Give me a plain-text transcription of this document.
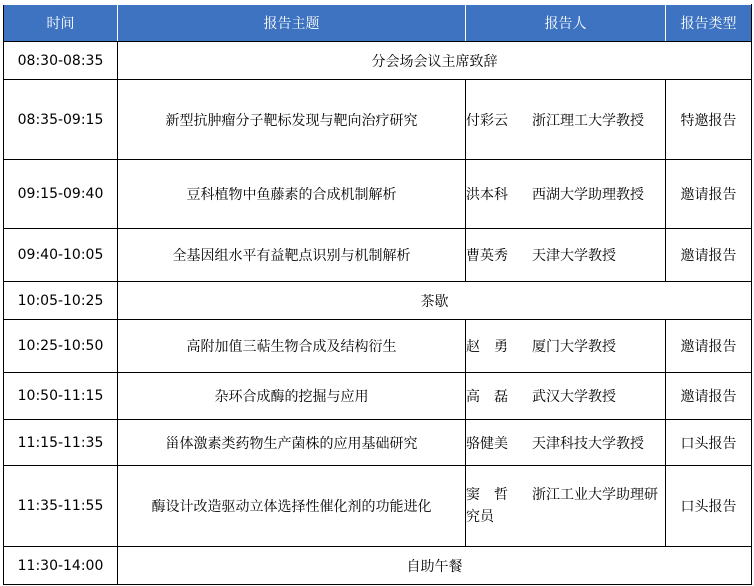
时间	报告主题	报告人	报告类型
08:30-08:35	分会场会议主席致辞		
08:35-09:15	新型抗肿瘤分子靶标发现与靶向治疗研究	付彩云　 浙江理工大学教授	特邀报告
09:15-09:40	豆科植物中鱼藤素的合成机制解析	洪本科　 西湖大学助理教授	邀请报告
09:40-10:05	全基因组水平有益靶点识别与机制解析	曹英秀　 天津大学教授	邀请报告
10:05-10:25	茶歇		
10:25-10:50	高附加值三萜生物合成及结构衍生	赵　勇　 厦门大学教授	邀请报告
10:50-11:15	杂环合成酶的挖掘与应用	高　磊　 武汉大学教授	邀请报告
11:15-11:35	甾体激素类药物生产菌株的应用基础研究	骆健美　 天津科技大学教授	口头报告
11:35-11:55	酶设计改造驱动立体选择性催化剂的功能进化	窦　哲　 浙江工业大学助理研究员	口头报告
11:30-14:00	自助午餐		
